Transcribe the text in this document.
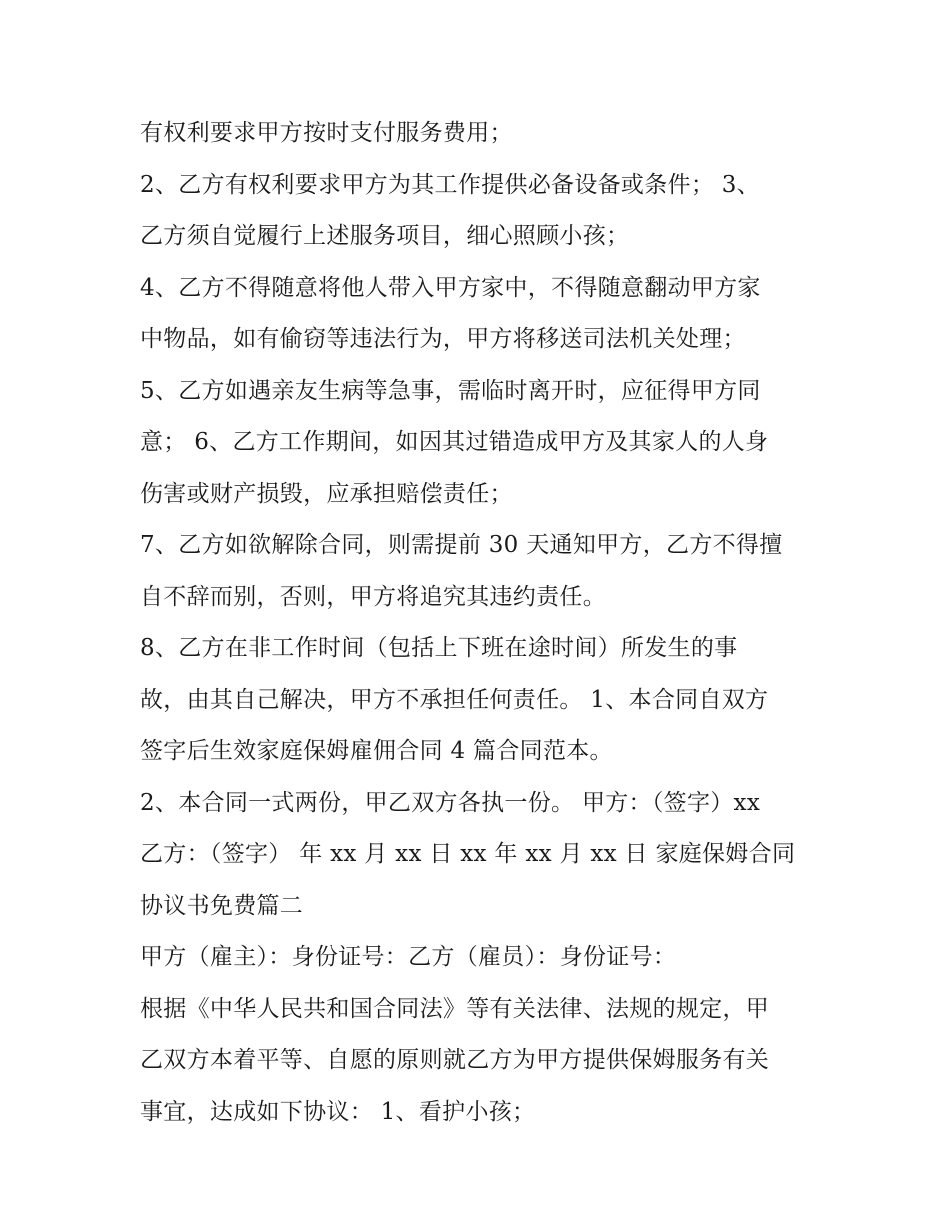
有权利要求甲方按时支付服务费用；
2、乙方有权利要求甲方为其工作提供必备设备或条件； 3、
乙方须自觉履行上述服务项目，细心照顾小孩；
4、乙方不得随意将他人带入甲方家中，不得随意翻动甲方家
中物品，如有偷窃等违法行为，甲方将移送司法机关处理；
5、乙方如遇亲友生病等急事，需临时离开时，应征得甲方同
意； 6、乙方工作期间，如因其过错造成甲方及其家人的人身
伤害或财产损毁，应承担赔偿责任；
7、乙方如欲解除合同，则需提前 30 天通知甲方，乙方不得擅
自不辞而别，否则，甲方将追究其违约责任。
8、乙方在非工作时间（包括上下班在途时间）所发生的事
故，由其自己解决，甲方不承担任何责任。 1、本合同自双方
签字后生效家庭保姆雇佣合同 4 篇合同范本。
2、本合同一式两份，甲乙双方各执一份。 甲方：（签字）xx
乙方：（签字） 年 xx 月 xx 日 xx 年 xx 月 xx 日 家庭保姆合同
协议书免费篇二
甲方（雇主）：身份证号：乙方（雇员）：身份证号：
根据《中华人民共和国合同法》等有关法律、法规的规定，甲
乙双方本着平等、自愿的原则就乙方为甲方提供保姆服务有关
事宜，达成如下协议： 1、看护小孩；
